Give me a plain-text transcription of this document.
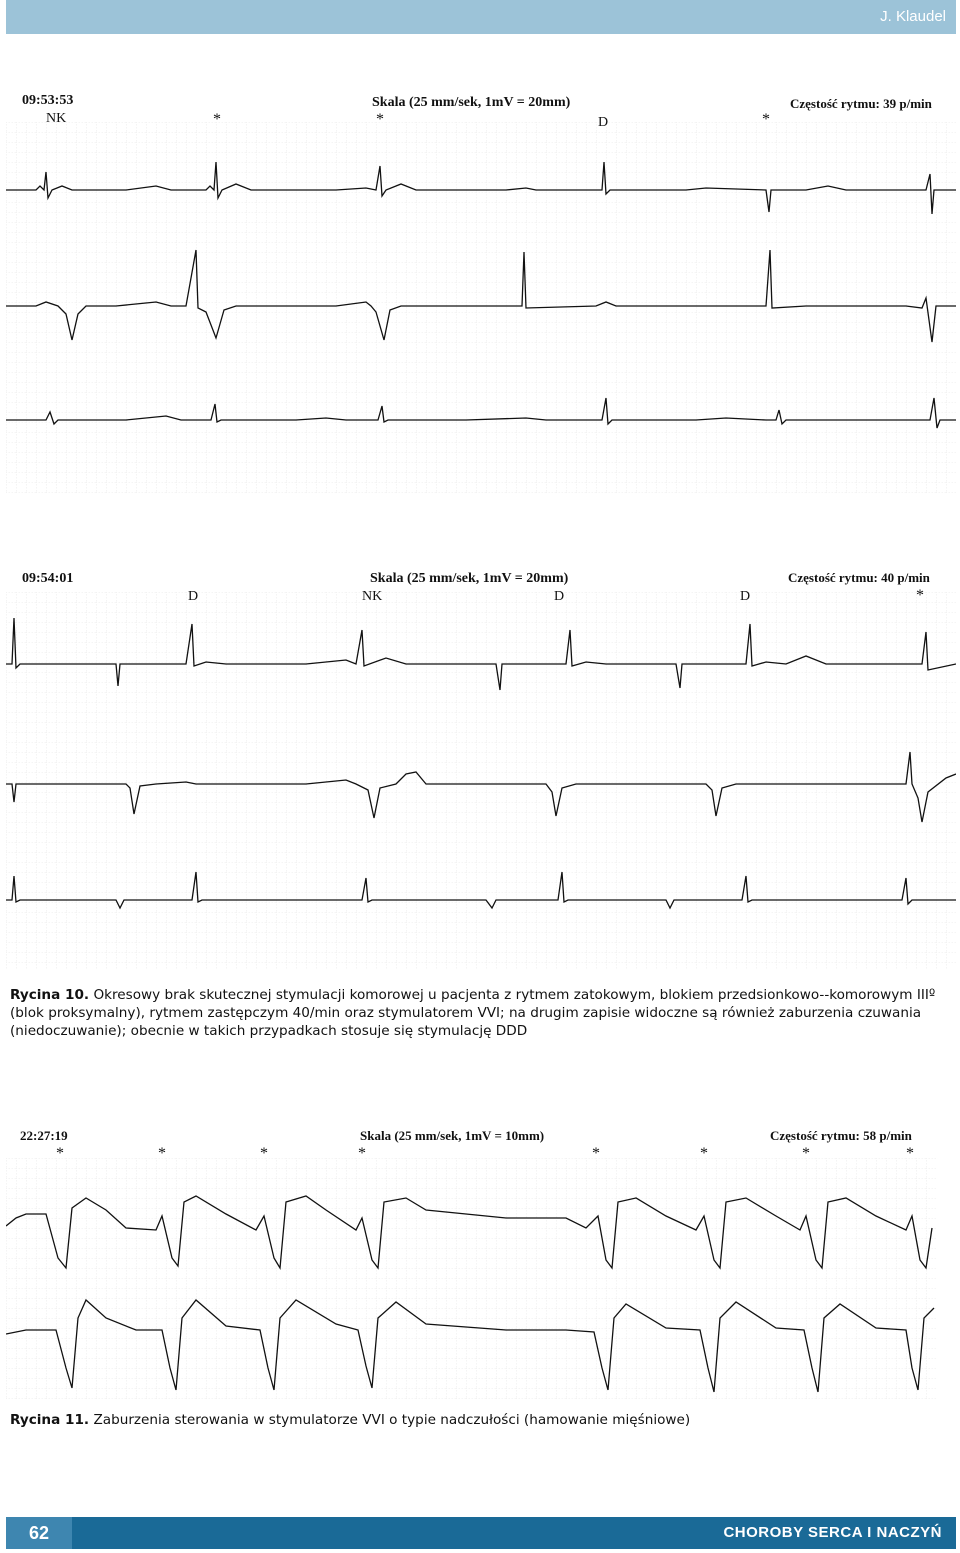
J. Klaudel
09:53:53	Skala (25 mm/sek, 1mV = 20mm)	Częstość rytmu: 39 p/min
NK	*	*	D	*
09:54:01	Skala (25 mm/sek, 1mV = 20mm)	Częstość rytmu: 40 p/min
D	NK	D	D	*
Rycina 10. Okresowy brak skutecznej stymulacji komorowej u pacjenta z rytmem zatokowym, blokiem przedsionkowo--komorowym IIIº (blok proksymalny), rytmem zastępczym 40/min oraz stymulatorem VVI; na drugim zapisie widoczne są również zaburzenia czuwania (niedoczuwanie); obecnie w takich przypadkach stosuje się stymulację DDD
22:27:19	Skala (25 mm/sek, 1mV = 10mm)	Częstość rytmu: 58 p/min
*	*	*	*	*	*	*	*
Rycina 11. Zaburzenia sterowania w stymulatorze VVI o typie nadczułości (hamowanie mięśniowe)
62	CHOROBY SERCA I NACZYŃ
